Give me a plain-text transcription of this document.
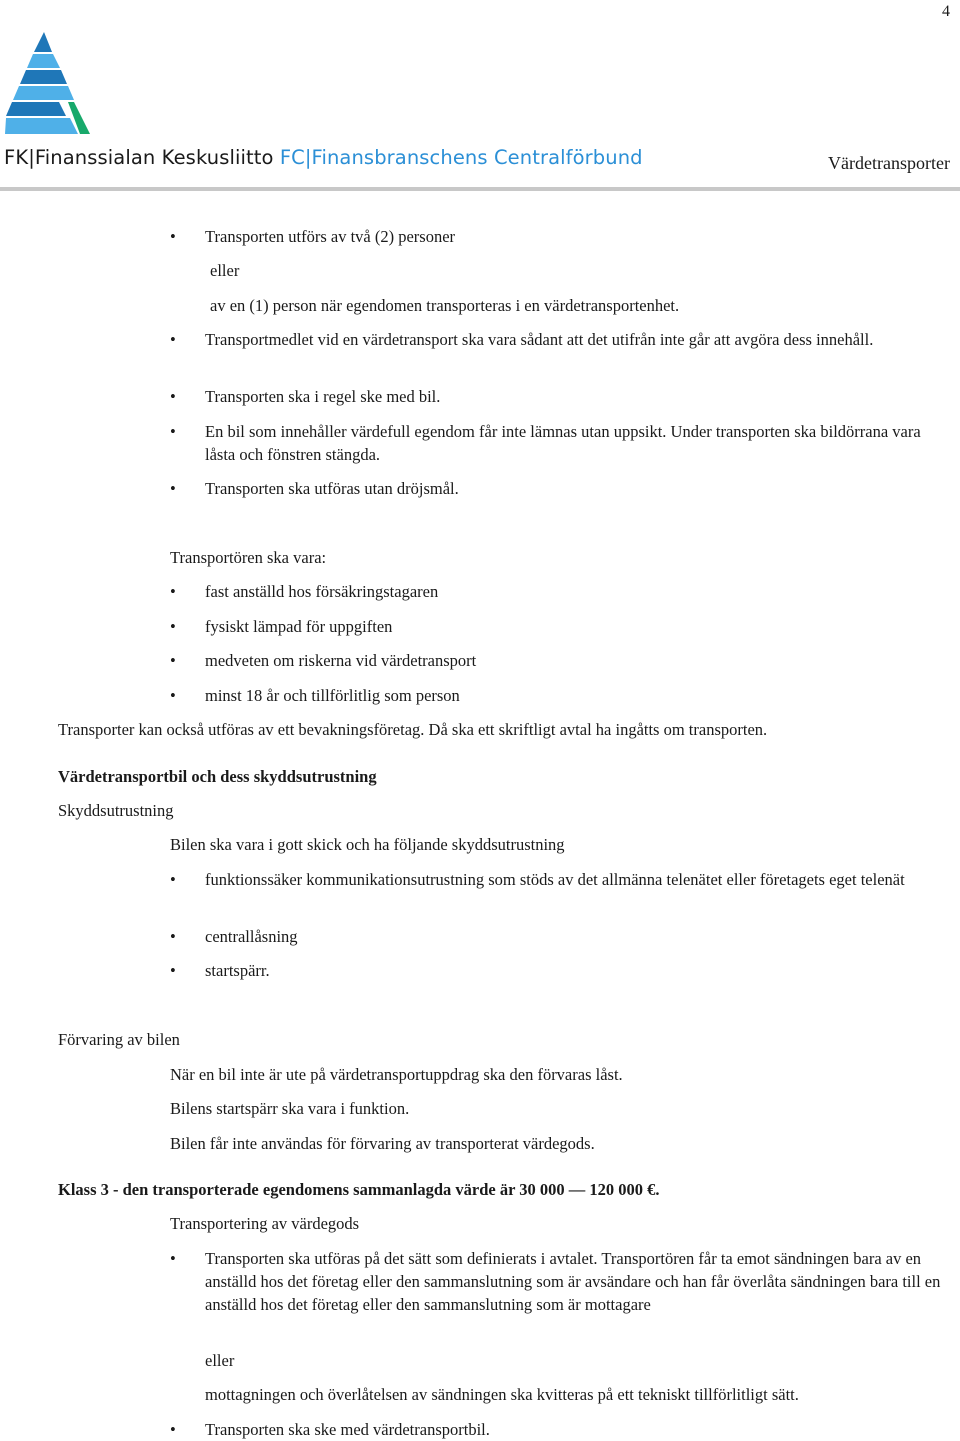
4
FK|Finanssialan Keskusliitto FC|Finansbranschens Centralförbund	Värdetransporter
• Transporten utförs av två (2) personer
eller
av en (1) person när egendomen transporteras i en värdetransportenhet.
• Transportmedlet vid en värdetransport ska vara sådant att det utifrån inte går att avgöra dess innehåll.
• Transporten ska i regel ske med bil.
• En bil som innehåller värdefull egendom får inte lämnas utan uppsikt. Under transporten ska bildörrana vara låsta och fönstren stängda.
• Transporten ska utföras utan dröjsmål.
Transportören ska vara:
• fast anställd hos försäkringstagaren
• fysiskt lämpad för uppgiften
• medveten om riskerna vid värdetransport
• minst 18 år och tillförlitlig som person
Transporter kan också utföras av ett bevakningsföretag. Då ska ett skriftligt avtal ha ingåtts om transporten.
Värdetransportbil och dess skyddsutrustning
Skyddsutrustning
Bilen ska vara i gott skick och ha följande skyddsutrustning
• funktionssäker kommunikationsutrustning som stöds av det allmänna telenätet eller företagets eget telenät
• centrallåsning
• startspärr.
Förvaring av bilen
När en bil inte är ute på värdetransportuppdrag ska den förvaras låst.
Bilens startspärr ska vara i funktion.
Bilen får inte användas för förvaring av transporterat värdegods.
Klass 3 - den transporterade egendomens sammanlagda värde är 30 000 — 120 000 €.
Transportering av värdegods
• Transporten ska utföras på det sätt som definierats i avtalet. Transportören får ta emot sändningen bara av en anställd hos det företag eller den sammanslutning som är avsändare och han får överlåta sändningen bara till en anställd hos det företag eller den sammanslutning som är mottagare
eller
mottagningen och överlåtelsen av sändningen ska kvitteras på ett tekniskt tillförlitligt sätt.
• Transporten ska ske med värdetransportbil.
